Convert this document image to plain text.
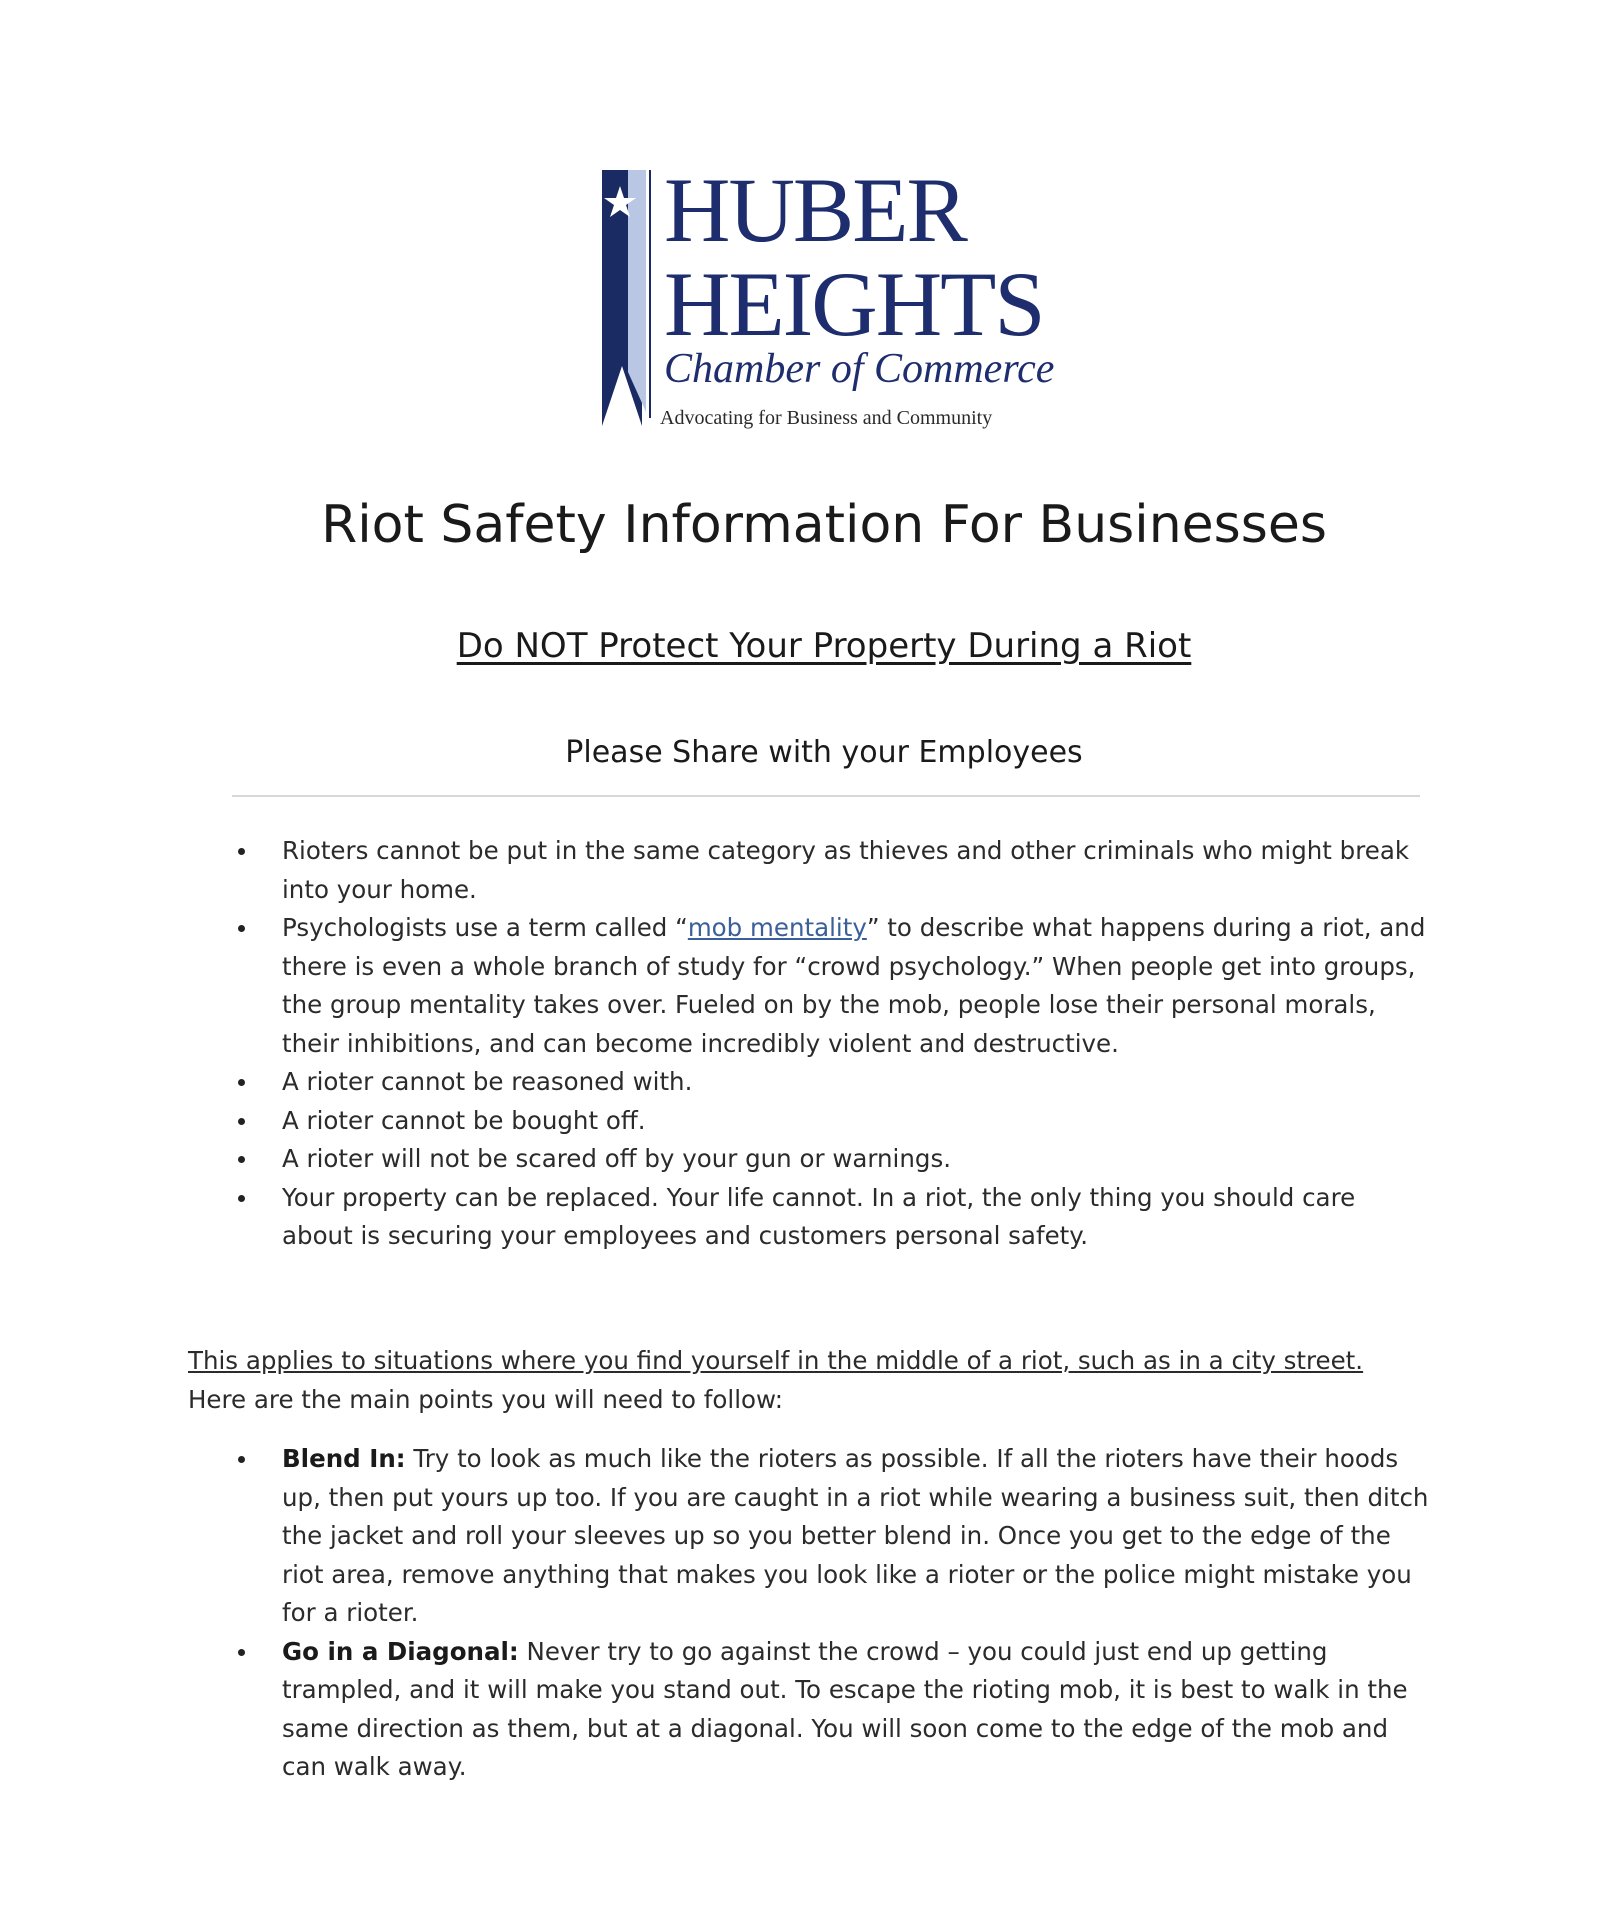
HUBER

HEIGHTS

Chamber of Commerce

Advocating for Business and Community

Riot Safety Information For Businesses
Do NOT Protect Your Property During a Riot

Please Share with your Employees

Rioters cannot be put in the same category as thieves and other criminals who might break into your home.
Psychologists use a term called “mob mentality” to describe what happens during a riot, and there is even a whole branch of study for “crowd psychology.” When people get into groups, the group mentality takes over. Fueled on by the mob, people lose their personal morals, their inhibitions, and can become incredibly violent and destructive.
A rioter cannot be reasoned with.
A rioter cannot be bought off.
A rioter will not be scared off by your gun or warnings.
Your property can be replaced. Your life cannot. In a riot, the only thing you should care about is securing your employees and customers personal safety.

This applies to situations where you find yourself in the middle of a riot, such as in a city street.
Here are the main points you will need to follow:

Blend In: Try to look as much like the rioters as possible. If all the rioters have their hoods up, then put yours up too. If you are caught in a riot while wearing a business suit, then ditch the jacket and roll your sleeves up so you better blend in. Once you get to the edge of the riot area, remove anything that makes you look like a rioter or the police might mistake you for a rioter.
Go in a Diagonal: Never try to go against the crowd – you could just end up getting trampled, and it will make you stand out. To escape the rioting mob, it is best to walk in the same direction as them, but at a diagonal. You will soon come to the edge of the mob and can walk away.
